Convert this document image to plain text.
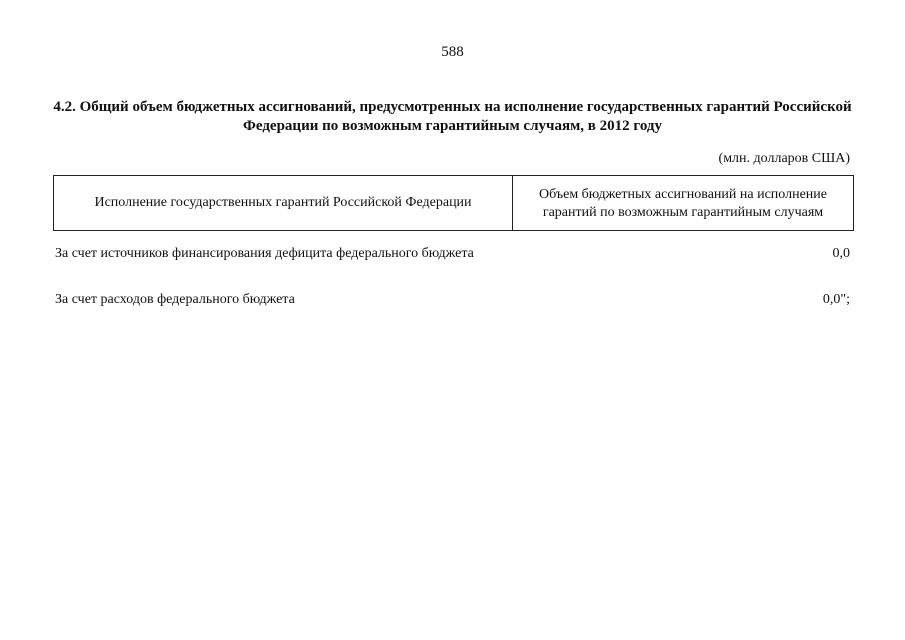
588
4.2. Общий объем бюджетных ассигнований, предусмотренных на исполнение государственных гарантий Российской Федерации по возможным гарантийным случаям, в 2012 году
(млн. долларов США)
Исполнение государственных гарантий Российской Федерации
Объем бюджетных ассигнований на исполнение гарантий по возможным гарантийным случаям
За счет источников финансирования дефицита федерального бюджета	0,0
За счет расходов федерального бюджета	0,0";
